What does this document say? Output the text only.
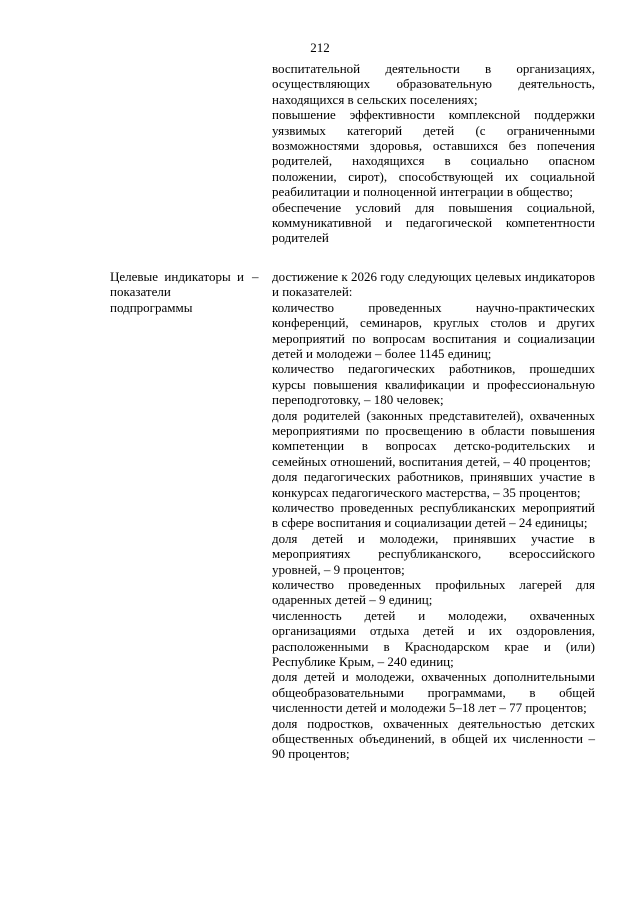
212

воспитательной деятельности в организациях, осуществляющих образовательную деятельность, находящихся в сельских поселениях;

повышение эффективности комплексной поддержки уязвимых категорий детей (с ограниченными возможностями здоровья, оставшихся без попечения родителей, находящихся в социально опасном положении, сирот), способствующей их социальной реабилитации и полноценной интеграции в общество;

обеспечение условий для повышения социальной, коммуникативной и педагогической компетентности родителей

Целевые индикаторы и показатели подпрограммы
– достижение к 2026 году следующих целевых индикаторов и показателей:

количество проведенных научно-практических конференций, семинаров, круглых столов и других мероприятий по вопросам воспитания и социализации детей и молодежи – более 1145 единиц;

количество педагогических работников, прошедших курсы повышения квалификации и профессиональную переподготовку, – 180 человек;

доля родителей (законных представителей), охваченных мероприятиями по просвещению в области повышения компетенции в вопросах детско-родительских и семейных отношений, воспитания детей, – 40 процентов;

доля педагогических работников, принявших участие в конкурсах педагогического мастерства, – 35 процентов;

количество проведенных республиканских мероприятий в сфере воспитания и социализации детей – 24 единицы;

доля детей и молодежи, принявших участие в мероприятиях республиканского, всероссийского уровней, – 9 процентов;

количество проведенных профильных лагерей для одаренных детей – 9 единиц;

численность детей и молодежи, охваченных организациями отдыха детей и их оздоровления, расположенными в Краснодарском крае и (или) Республике Крым, – 240 единиц;

доля детей и молодежи, охваченных дополнительными общеобразовательными программами, в общей численности детей и молодежи 5–18 лет – 77 процентов;

доля подростков, охваченных деятельностью детских общественных объединений, в общей их численности – 90 процентов;
